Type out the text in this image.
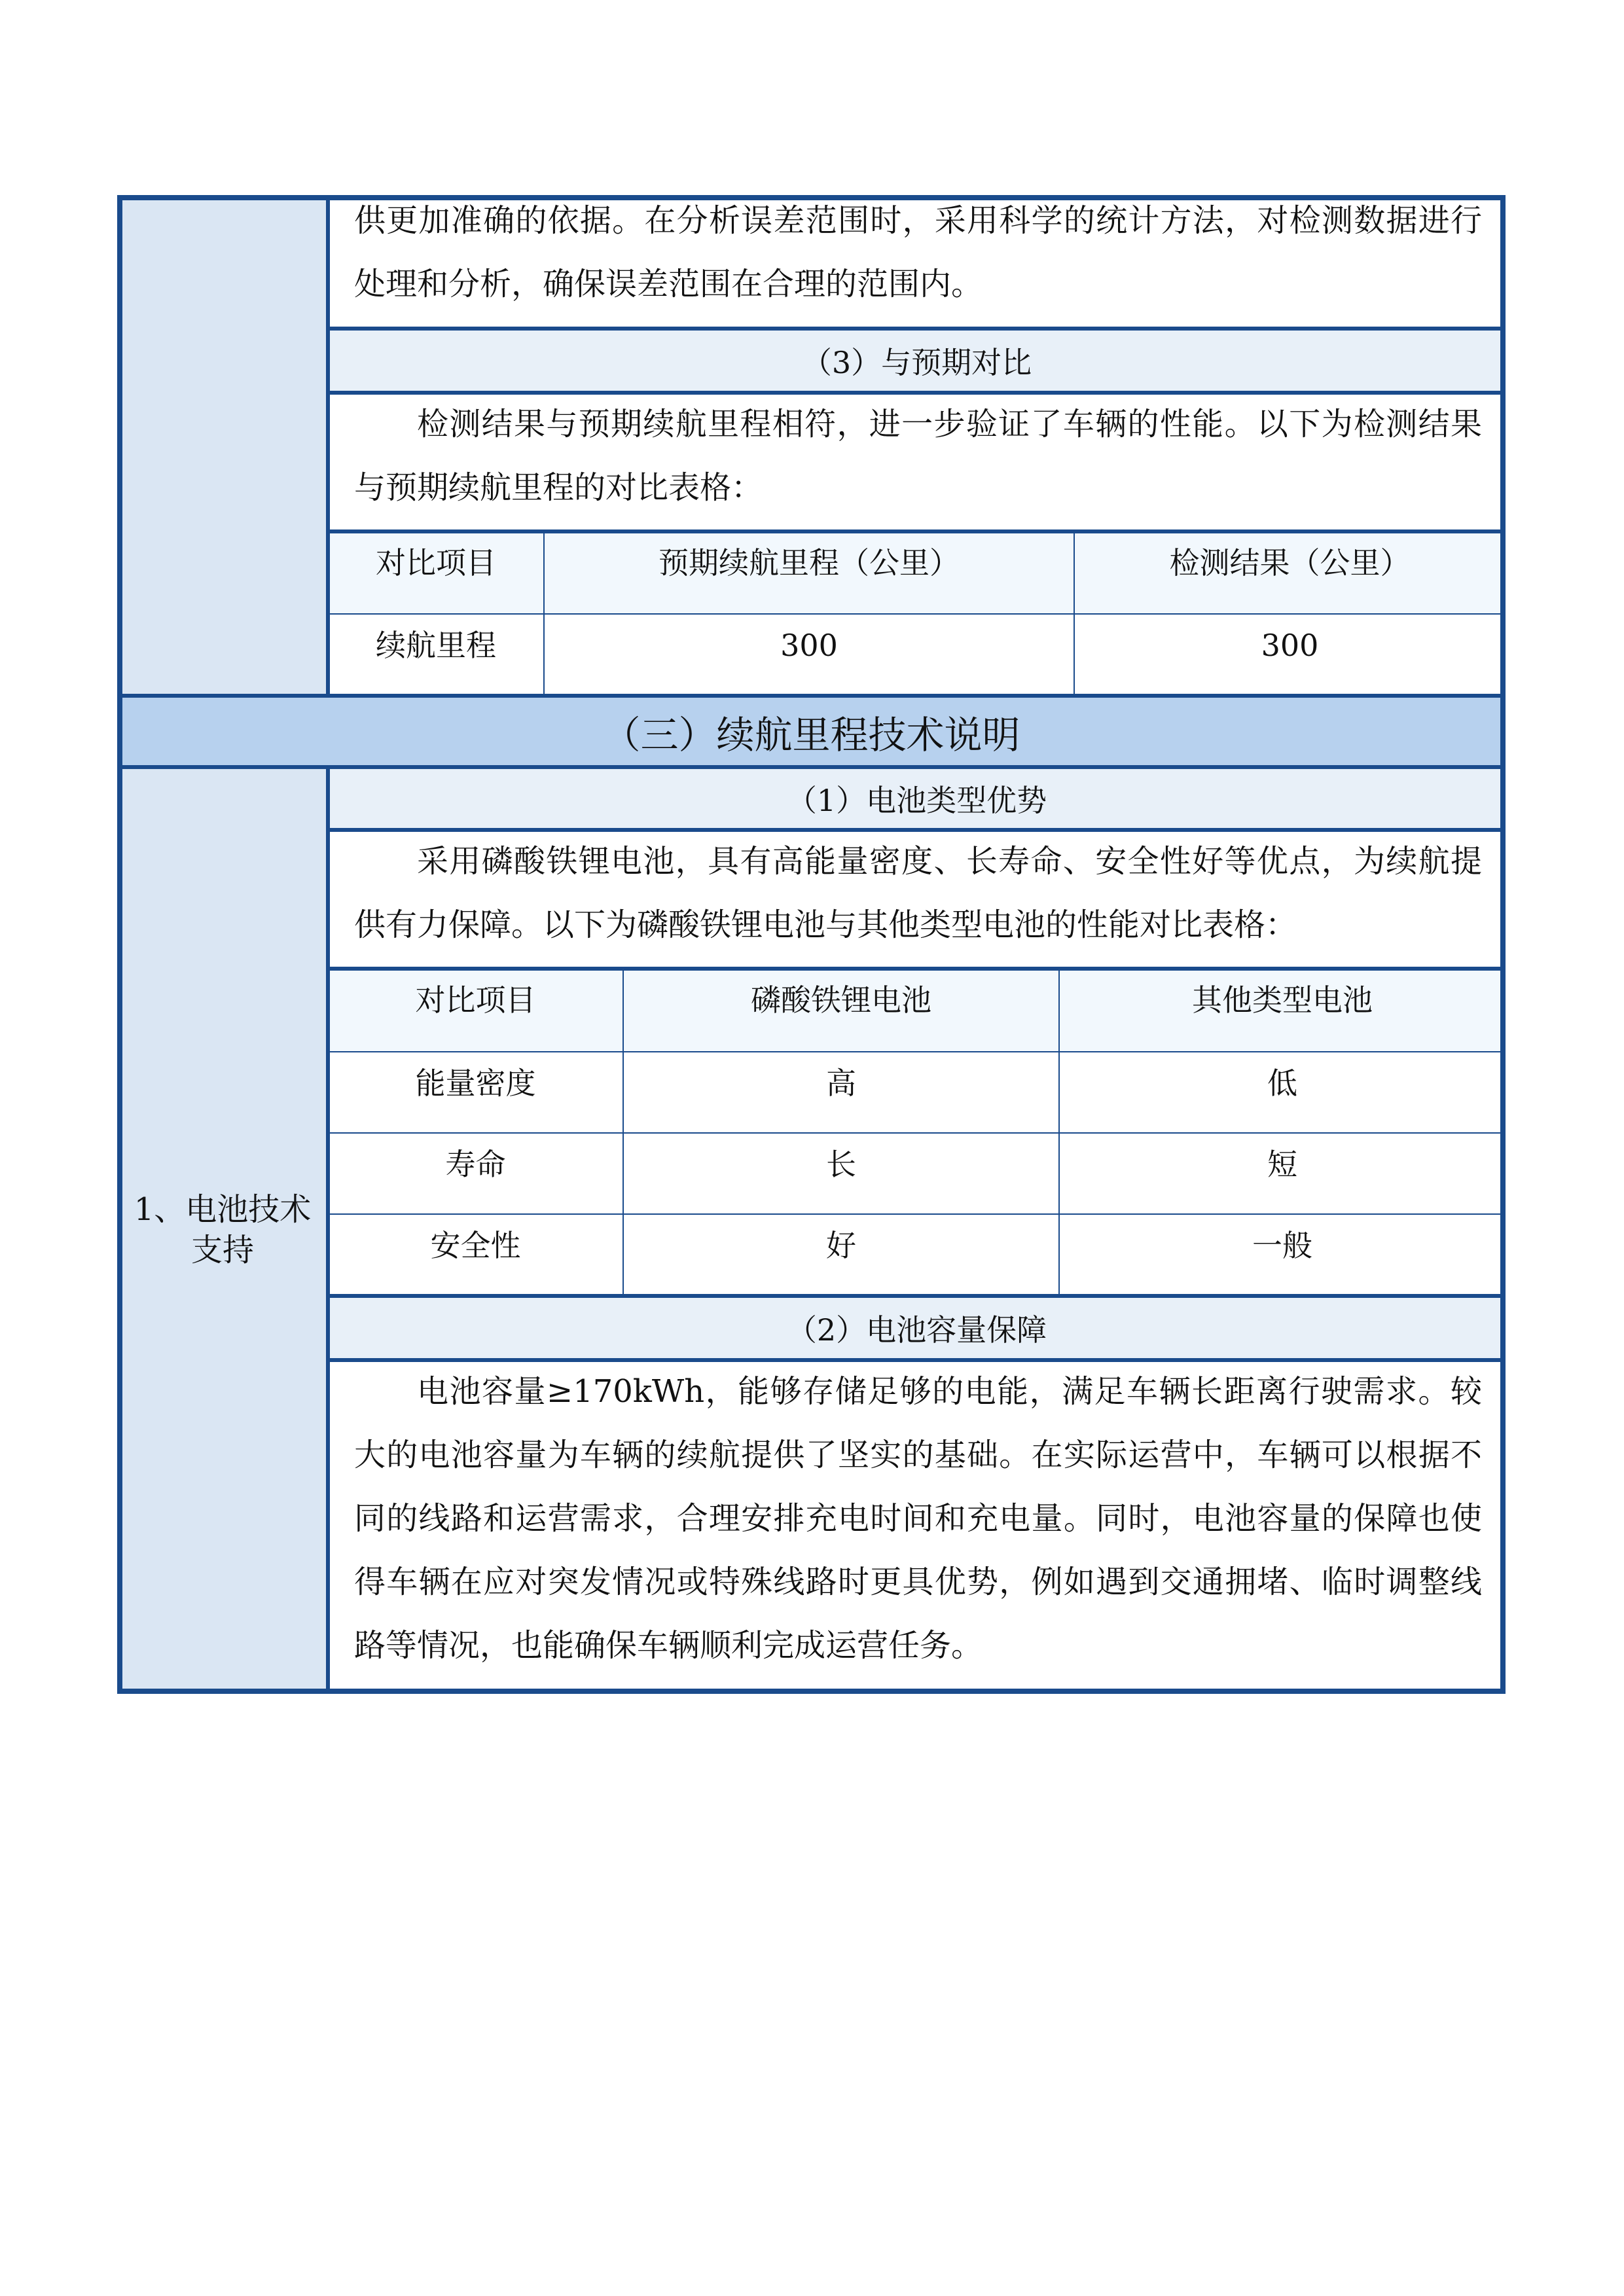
供更加准确的依据。在分析误差范围时，采用科学的统计方法，对检测数据进行处理和分析，确保误差范围在合理的范围内。
（3）与预期对比
检测结果与预期续航里程相符，进一步验证了车辆的性能。以下为检测结果与预期续航里程的对比表格：
对比项目	预期续航里程（公里）	检测结果（公里）
续航里程	300	300
（三）续航里程技术说明
1、电池技术支持
（1）电池类型优势
采用磷酸铁锂电池，具有高能量密度、长寿命、安全性好等优点，为续航提供有力保障。以下为磷酸铁锂电池与其他类型电池的性能对比表格：
对比项目	磷酸铁锂电池	其他类型电池
能量密度	高	低
寿命	长	短
安全性	好	一般
（2）电池容量保障
电池容量≥170kWh，能够存储足够的电能，满足车辆长距离行驶需求。较大的电池容量为车辆的续航提供了坚实的基础。在实际运营中，车辆可以根据不同的线路和运营需求，合理安排充电时间和充电量。同时，电池容量的保障也使得车辆在应对突发情况或特殊线路时更具优势，例如遇到交通拥堵、临时调整线路等情况，也能确保车辆顺利完成运营任务。
